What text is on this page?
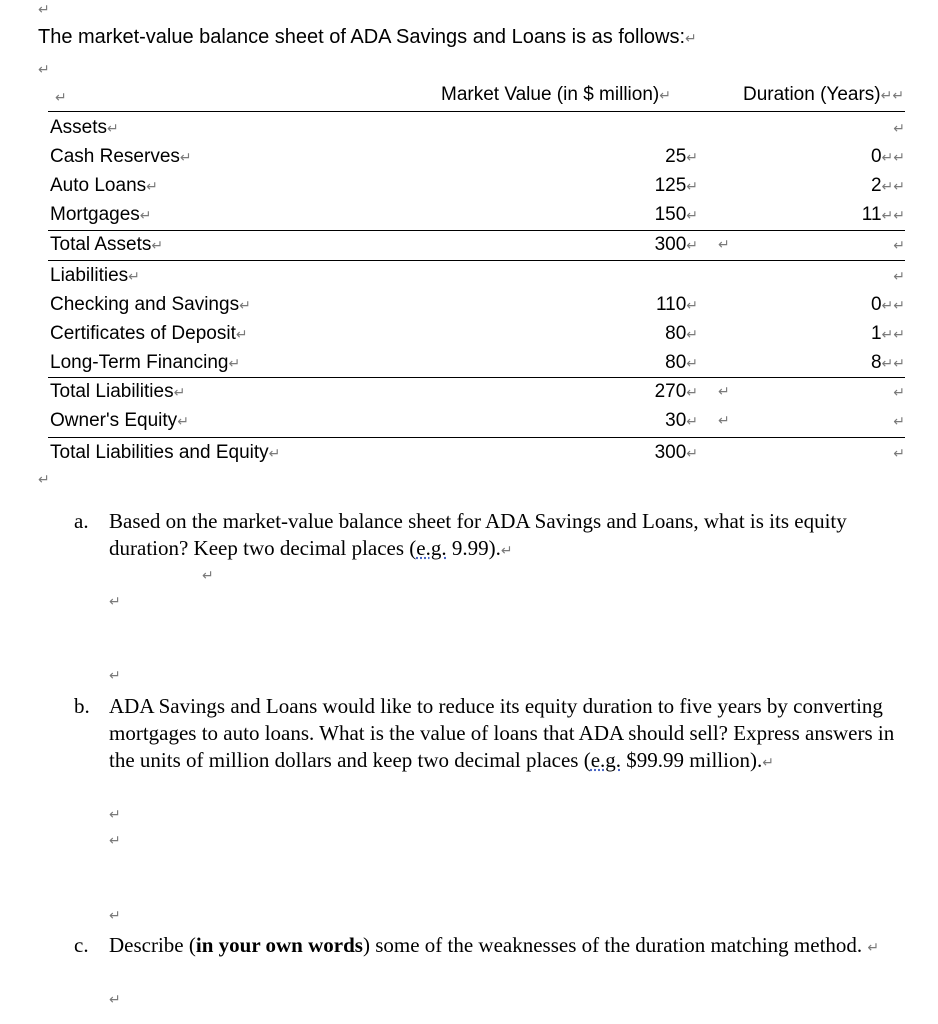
↵
The market-value balance sheet of ADA Savings and Loans is as follows:↵
↵
↵	Market Value (in $ million)↵	Duration (Years)↵↵
Assets↵	↵
Cash Reserves↵	25↵	0↵↵
Auto Loans↵	125↵	2↵↵
Mortgages↵	150↵	11↵↵
Total Assets↵	300↵ ↵	↵
Liabilities↵	↵
Checking and Savings↵	110↵	0↵↵
Certificates of Deposit↵	80↵	1↵↵
Long-Term Financing↵	80↵	8↵↵
Total Liabilities↵	270↵ ↵	↵
Owner's Equity↵	30↵ ↵	↵
Total Liabilities and Equity↵	300↵	↵
↵
a. Based on the market-value balance sheet for ADA Savings and Loans, what is its equity duration? Keep two decimal places (e.g. 9.99).↵
↵
↵
↵
b. ADA Savings and Loans would like to reduce its equity duration to five years by converting mortgages to auto loans. What is the value of loans that ADA should sell? Express answers in the units of million dollars and keep two decimal places (e.g. $99.99 million).↵
↵
↵
↵
c. Describe (in your own words) some of the weaknesses of the duration matching method. ↵
↵
